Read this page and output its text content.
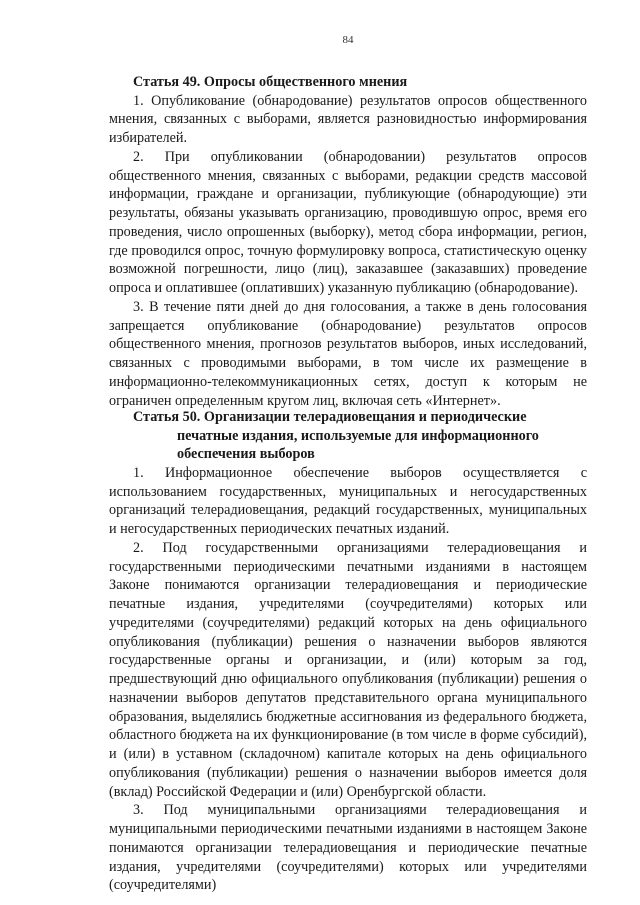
84
Статья 49. Опросы общественного мнения

1. Опубликование (обнародование) результатов опросов общественного мнения, связанных с выборами, является разновидностью информирования избирателей.

2. При опубликовании (обнародовании) результатов опросов общественного мнения, связанных с выборами, редакции средств массовой информации, граждане и организации, публикующие (обнародующие) эти результаты, обязаны указывать организацию, проводившую опрос, время его проведения, число опрошенных (выборку), метод сбора информации, регион, где проводился опрос, точную формулировку вопроса, статистическую оценку возможной погрешности, лицо (лиц), заказавшее (заказавших) проведение опроса и оплатившее (оплативших) указанную публикацию (обнародование).

3. В течение пяти дней до дня голосования, а также в день голосования запрещается опубликование (обнародование) результатов опросов общественного мнения, прогнозов результатов выборов, иных исследований, связанных с проводимыми выборами, в том числе их размещение в информационно-телекоммуникационных сетях, доступ к которым не ограничен определенным кругом лиц, включая сеть «Интернет».

Статья 50. Организации телерадиовещания и периодические
печатные издания, используемые для информационного
обеспечения выборов

1. Информационное обеспечение выборов осуществляется с использованием государственных, муниципальных и негосударственных организаций телерадиовещания, редакций государственных, муниципальных и негосударственных периодических печатных изданий.

2. Под государственными организациями телерадиовещания и государственными периодическими печатными изданиями в настоящем Законе понимаются организации телерадиовещания и периодические печатные издания, учредителями (соучредителями) которых или учредителями (соучредителями) редакций которых на день официального опубликования (публикации) решения о назначении выборов являются государственные органы и организации, и (или) которым за год, предшествующий дню официального опубликования (публикации) решения о назначении выборов депутатов представительного органа муниципального образования, выделялись бюджетные ассигнования из федерального бюджета, областного бюджета на их функционирование (в том числе в форме субсидий), и (или) в уставном (складочном) капитале которых на день официального опубликования (публикации) решения о назначении выборов имеется доля (вклад) Российской Федерации и (или) Оренбургской области.

3. Под муниципальными организациями телерадиовещания и муниципальными периодическими печатными изданиями в настоящем Законе понимаются организации телерадиовещания и периодические печатные издания, учредителями (соучредителями) которых или учредителями (соучредителями)
